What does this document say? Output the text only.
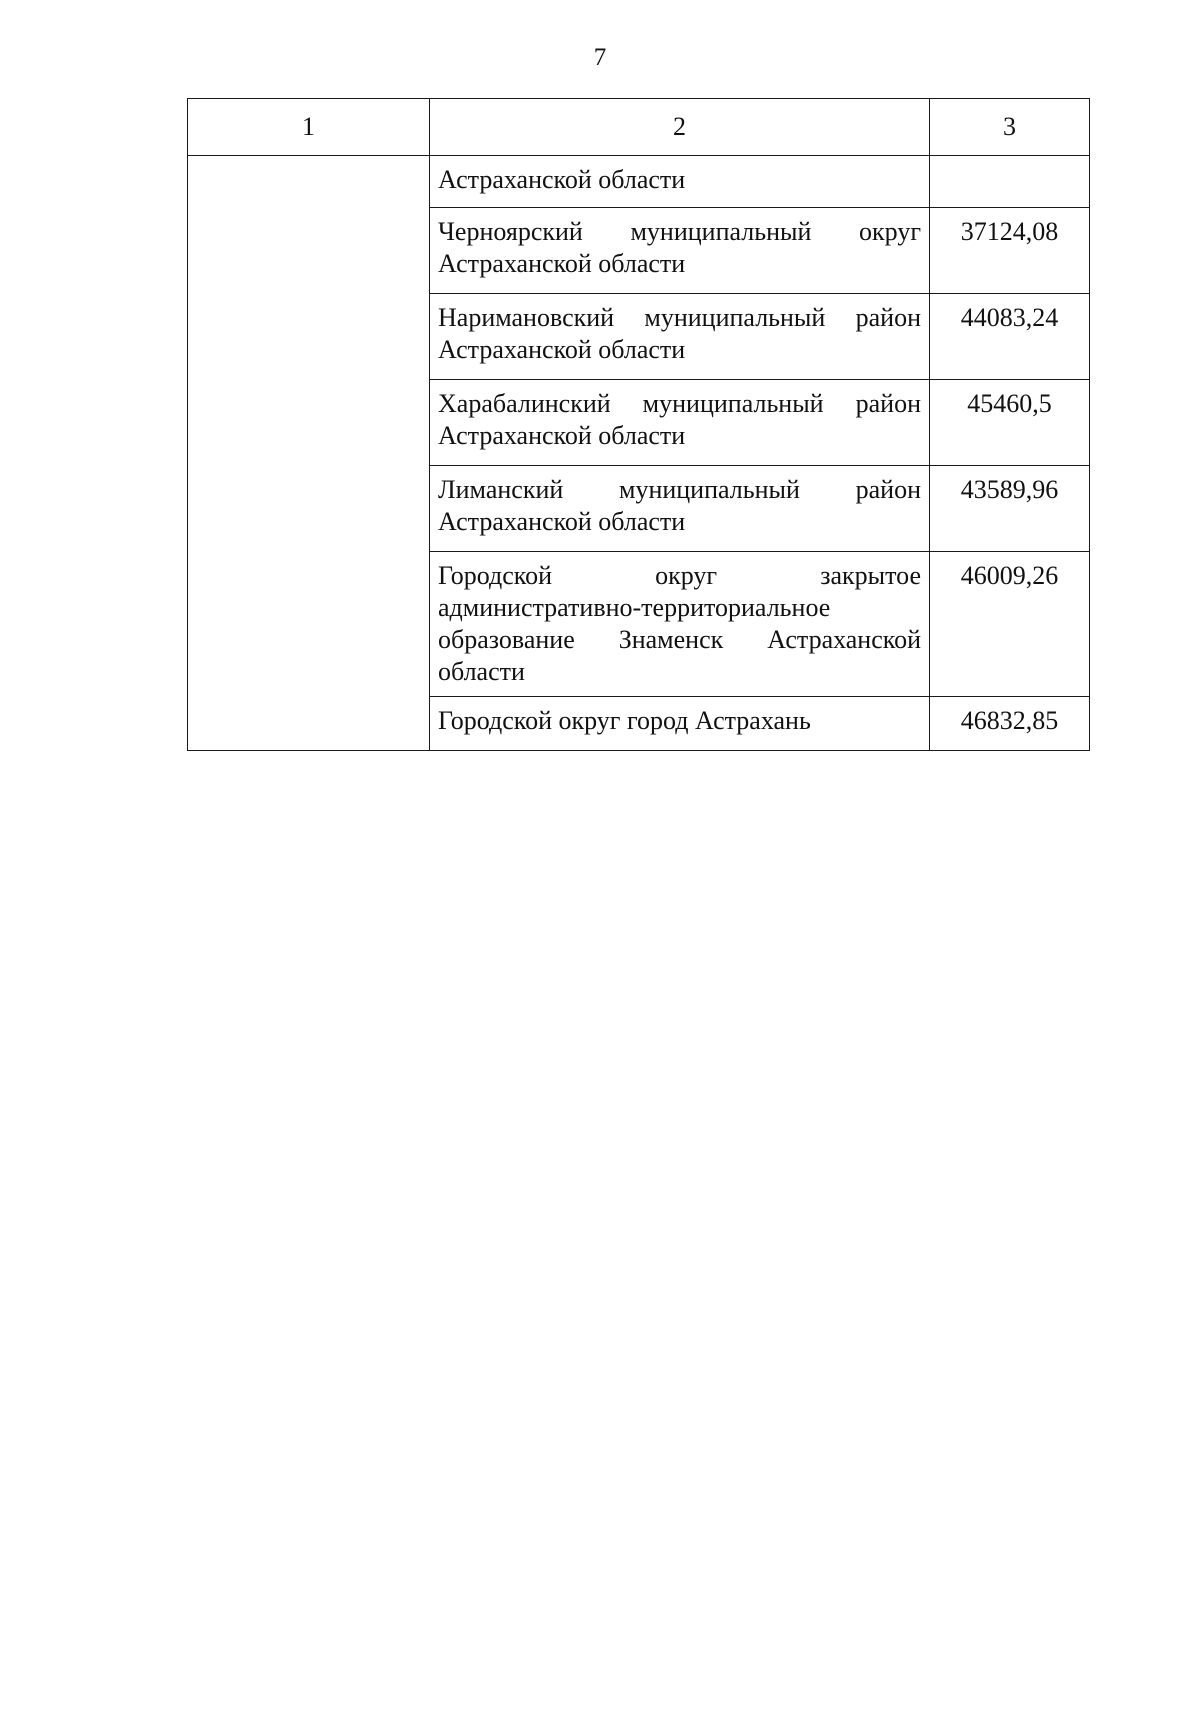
7
1	2	3
	Астраханской области	
	Черноярский муниципальный округ Астраханской области	37124,08
	Наримановский муниципальный район Астраханской области	44083,24
	Харабалинский муниципальный район Астраханской области	45460,5
	Лиманский муниципальный район Астраханской области	43589,96
	Городской округ закрытое административно-территориальное образование Знаменск Астраханской области	46009,26
	Городской округ город Астрахань	46832,85
